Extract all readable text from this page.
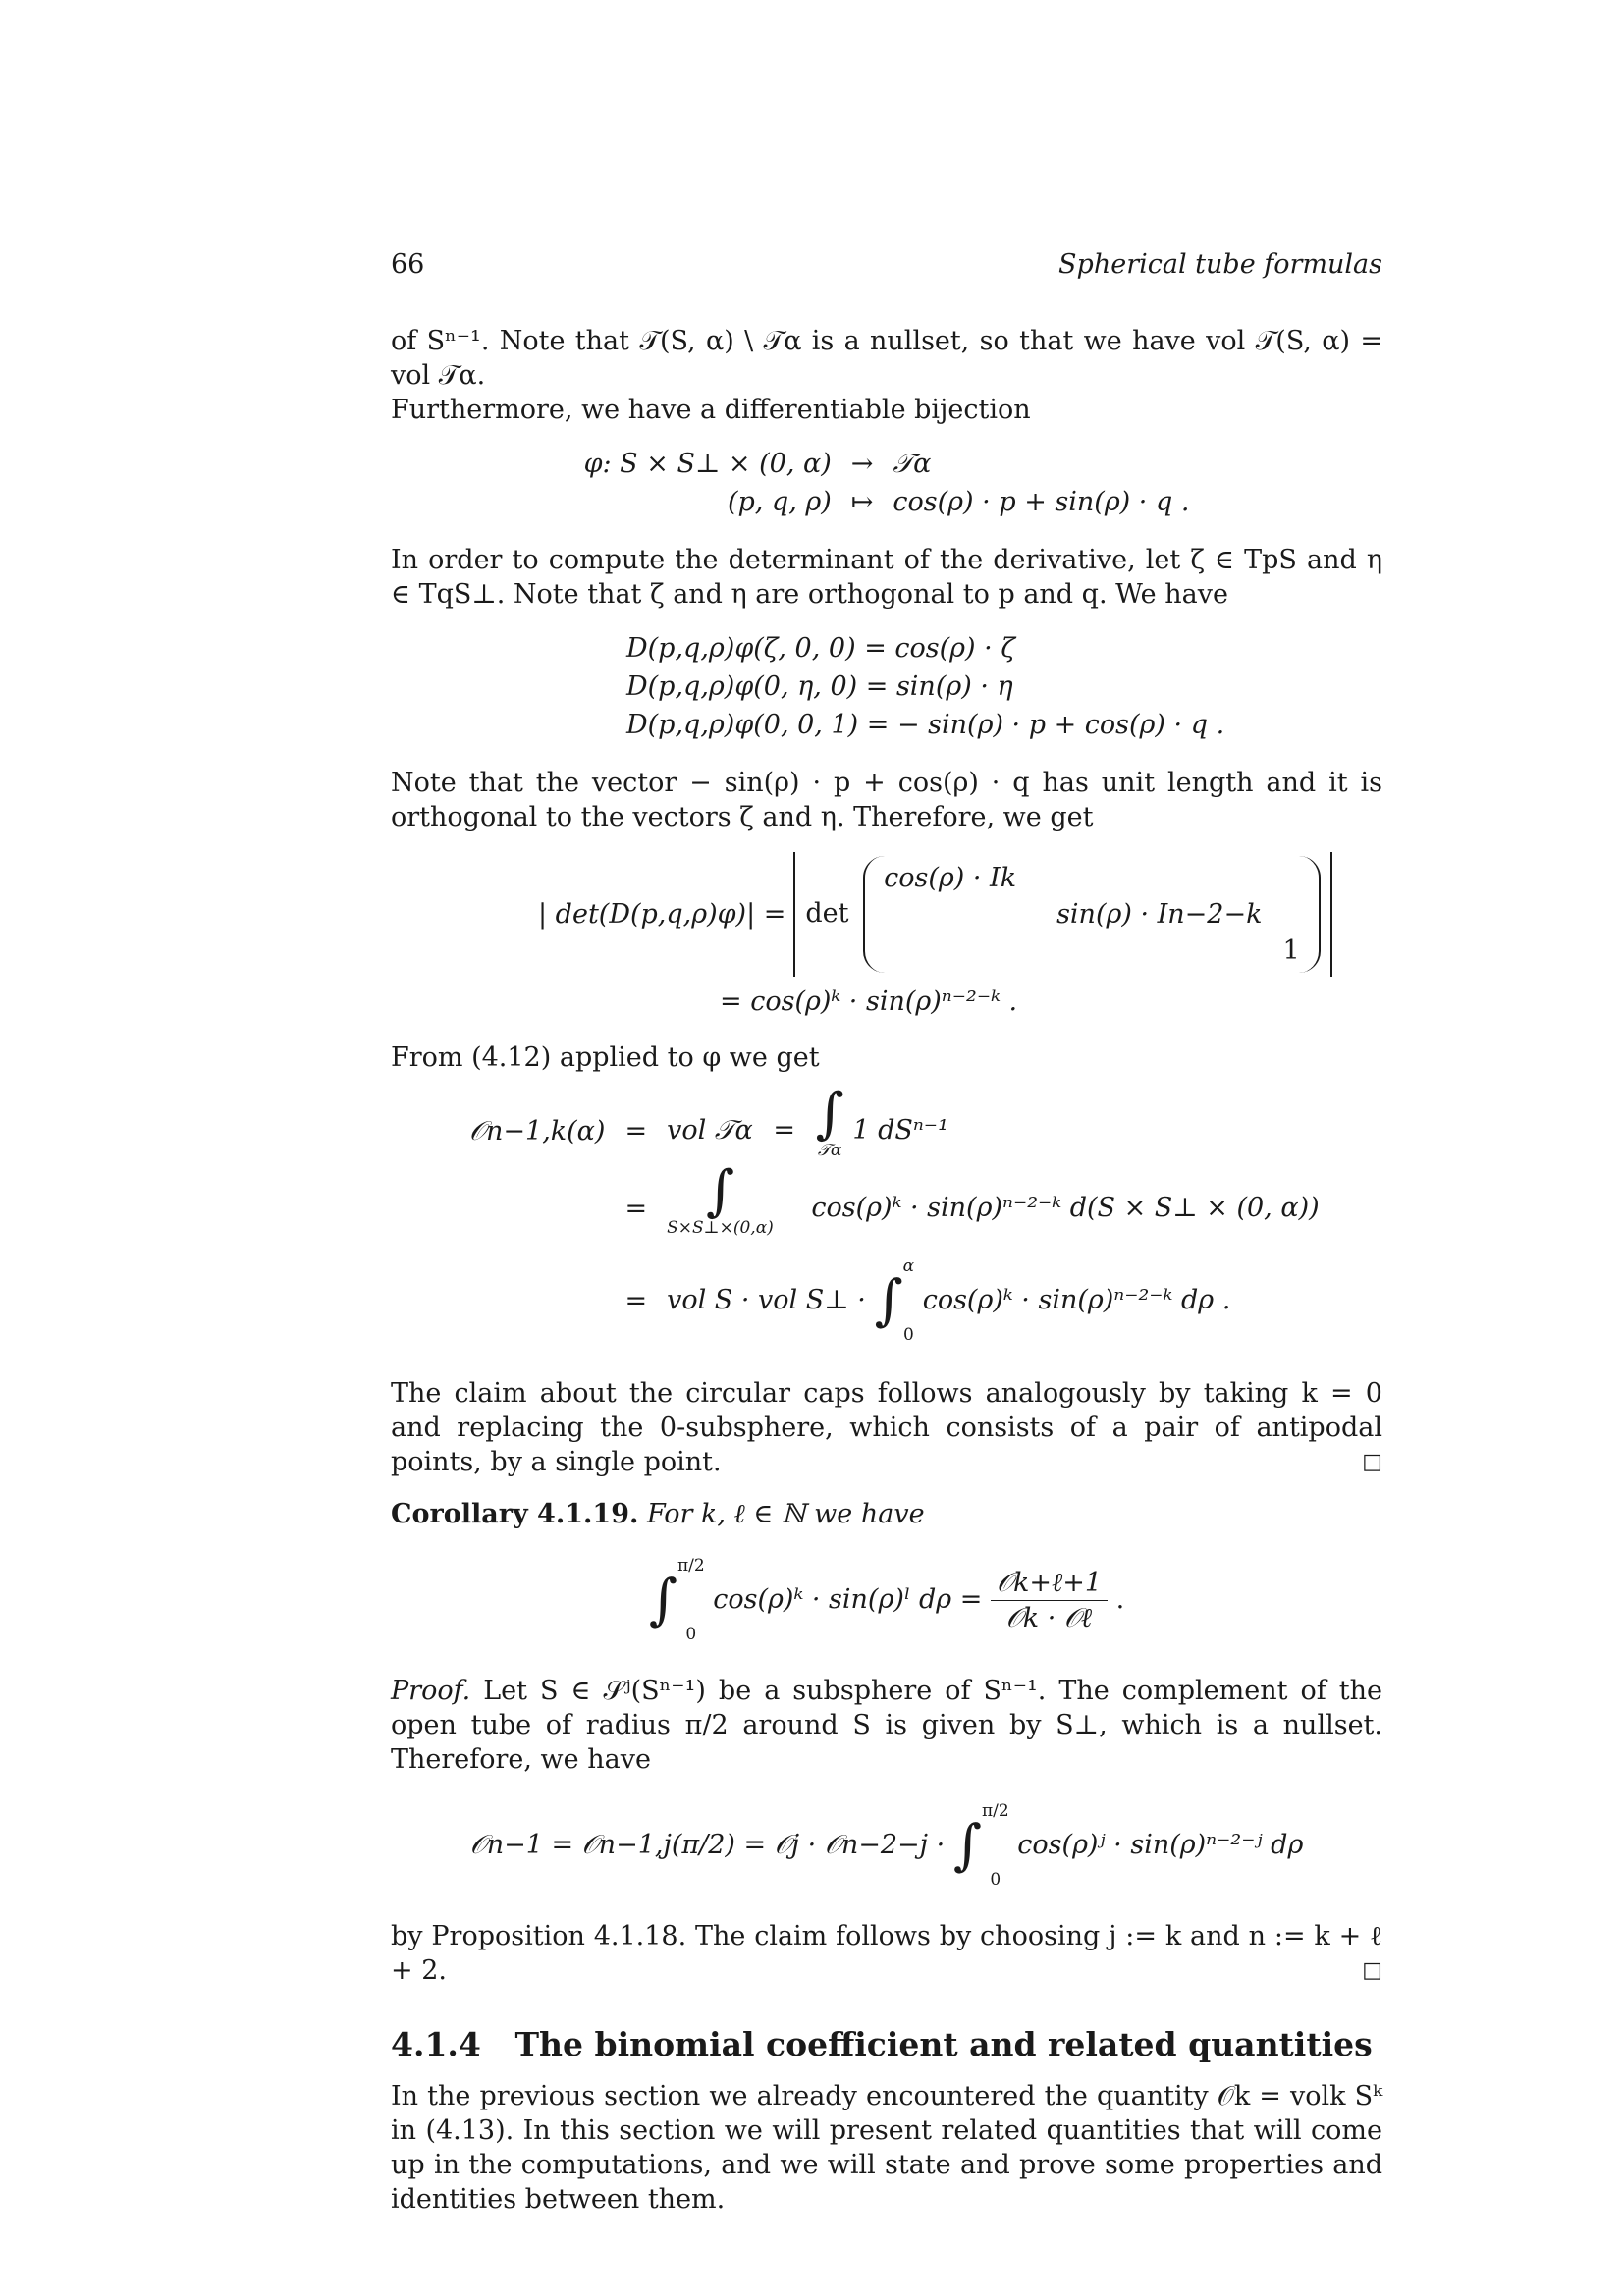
66	Spherical tube formulas

of Sⁿ⁻¹. Note that 𝒯(S, α) \ 𝒯α is a nullset, so that we have vol 𝒯(S, α) = vol 𝒯α.
Furthermore, we have a differentiable bijection

φ: S × S⊥ × (0, α)	→	𝒯α
(p, q, ρ)	↦	cos(ρ) · p + sin(ρ) · q .

In order to compute the determinant of the derivative, let ζ ∈ TpS and η ∈ TqS⊥. Note that ζ and η are orthogonal to p and q. We have

D(p,q,ρ)φ(ζ, 0, 0) = cos(ρ) · ζ
D(p,q,ρ)φ(0, η, 0) = sin(ρ) · η
D(p,q,ρ)φ(0, 0, 1) = − sin(ρ) · p + cos(ρ) · q .

Note that the vector − sin(ρ) · p + cos(ρ) · q has unit length and it is orthogonal to the vectors ζ and η. Therefore, we get

| det(D(p,q,ρ)φ)| = det
cos(ρ) · Ik		
	sin(ρ) · In−2−k	
		1
= cos(ρ)ᵏ · sin(ρ)ⁿ⁻²⁻ᵏ .

From (4.12) applied to φ we get

𝒪n−1,k(α)	=	vol 𝒯α = ∫
𝒯α 1 dSⁿ⁻¹
	=	∫
S×S⊥×(0,α) cos(ρ)ᵏ · sin(ρ)ⁿ⁻²⁻ᵏ d(S × S⊥ × (0, α))
	=	vol S · vol S⊥ · ∫α

0 cos(ρ)ᵏ · sin(ρ)ⁿ⁻²⁻ᵏ dρ .

The claim about the circular caps follows analogously by taking k = 0 and replacing the 0-subsphere, which consists of a pair of antipodal points, by a single point.	□

Corollary 4.1.19. For k, ℓ ∈ ℕ we have

∫π/2

0 cos(ρ)ᵏ · sin(ρ)ˡ $d\rho = \frac{\text{𝒪k+ℓ+1}}{\text{𝒪k · 𝒪ℓ}}$ .

Proof. Let S ∈ 𝒮ʲ(Sⁿ⁻¹) be a subsphere of Sⁿ⁻¹. The complement of the open tube of radius π/2 around S is given by S⊥, which is a nullset. Therefore, we have

𝒪n−1 = 𝒪n−1,j(π/2) = 𝒪j · 𝒪n−2−j · ∫π/2

0 cos(ρ)ʲ · sin(ρ)ⁿ⁻²⁻ʲ dρ

by Proposition 4.1.18. The claim follows by choosing j := k and n := k + ℓ + 2.	□

4.1.4 The binomial coefficient and related quantities

In the previous section we already encountered the quantity 𝒪k = volk Sᵏ in (4.13). In this section we will present related quantities that will come up in the computations, and we will state and prove some properties and identities between them.
